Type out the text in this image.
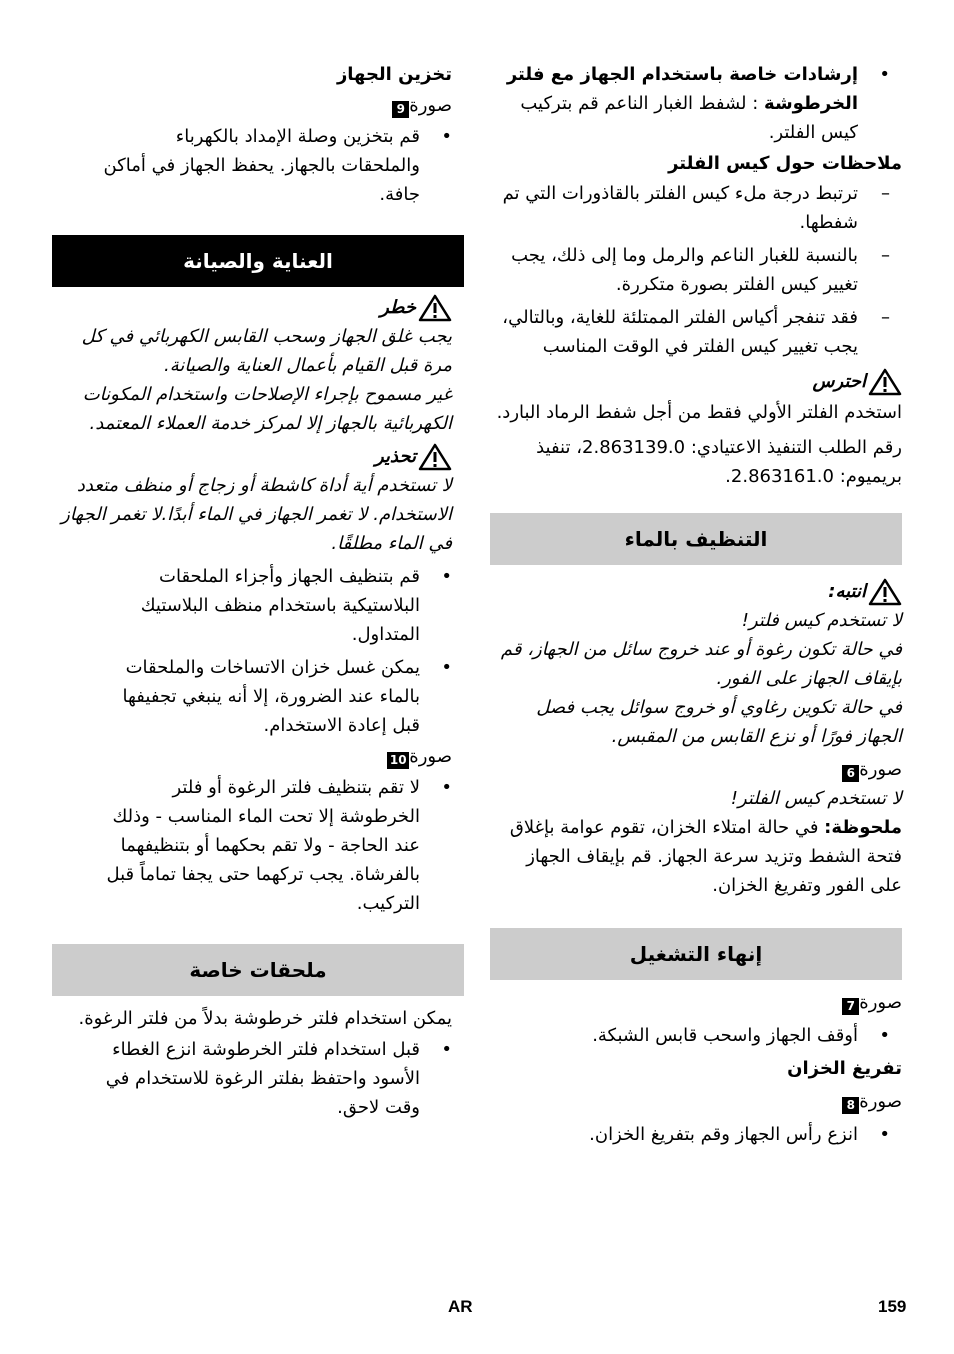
• إرشادات خاصة باستخدام الجهاز مع فلتر الخرطوشة : لشفط الغبار الناعم قم بتركيب كيس الفلتر.

ملاحظات حول كيس الفلتر

– ترتبط درجة ملء كيس الفلتر بالقاذورات التي تم شفطها.
– بالنسبة للغبار الناعم والرمل وما إلى ذلك، يجب تغيير كيس الفلتر بصورة متكررة.
– فقد تنفجر أكياس الفلتر الممتلئة للغاية، وبالتالي، يجب تغيير كيس الفلتر في الوقت المناسب
احترس

استخدم الفلتر الأولي فقط من أجل شفط الرماد البارد.

رقم الطلب التنفيذ الاعتيادي: 2.863139.0، تنفيذ بريميوم: 2.863161.0.

التنظيف بالماء
انتبه:

لا تستخدم كيس فلتر!

في حالة تكون رغوة أو عند خروج سائل من الجهاز، قم بإيقاف الجهاز على الفور.

في حالة تكوين رغاوي أو خروج سوائل يجب فصل الجهاز فورًا أو نزع القابس من المقبس.

صورة6

لا تستخدم كيس الفلتر!

ملحوظة: في حالة امتلاء الخزان، تقوم عوامة بإغلاق فتحة الشفط وتزيد سرعة الجهاز. قم بإيقاف الجهاز على الفور وتفريغ الخزان.

إنهاء التشغيل

صورة7

• أوقف الجهاز واسحب قابس الشبكة.

تفريغ الخزان

صورة8

• انزع رأس الجهاز وقم بتفريغ الخزان.

تخزين الجهاز

صورة9

• قم بتخزين وصلة الإمداد بالكهرباء والملحقات بالجهاز. يحفظ الجهاز في أماكن جافة.
العناية والصيانة
خطر

يجب غلق الجهاز وسحب القابس الكهربائي في كل مرة قبل القيام بأعمال العناية والصيانة.

غير مسموح بإجراء الإصلاحات واستخدام المكونات الكهربائية بالجهاز إلا لمركز خدمة العملاء المعتمد.

تحذير

لا تستخدم أية أداة كاشطة أو زجاج أو منظف متعدد الاستخدام. لا تغمر الجهاز في الماء أبدًا.لا تغمر الجهاز في الماء مطلقًا.

• قم بتنظيف الجهاز وأجزاء الملحقات البلاستيكية باستخدام منظف البلاستيك المتداول.
• يمكن غسل خزان الاتساخات والملحقات بالماء عند الضرورة، إلا أنه ينبغي تجفيفها قبل إعادة الاستخدام.

صورة10

• لا تقم بتنظيف فلتر الرغوة أو فلتر الخرطوشة إلا تحت الماء المناسب - وذلك عند الحاجة - ولا تقم بحكهما أو بتنظيفهما بالفرشاة. يجب تركهما حتى يجفا تماماً قبل التركيب.
ملحقات خاصة

يمكن استخدام فلتر خرطوشة بدلاً من فلتر الرغوة.

• قبل استخدام فلتر الخرطوشة انزع الغطاء الأسود واحتفظ بفلتر الرغوة للاستخدام في وقت لاحق.
AR	159
